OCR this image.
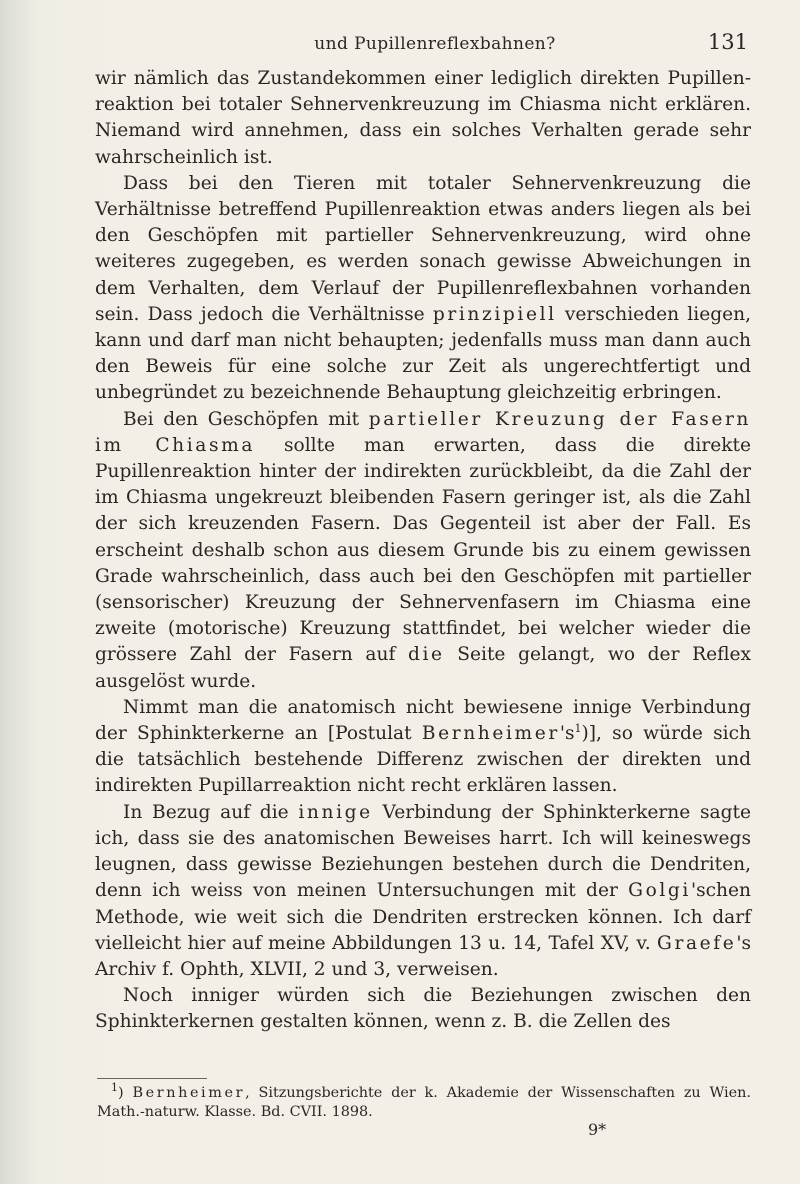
und Pupillenreflexbahnen?	131

wir nämlich das Zustandekommen einer lediglich direkten Pupillen-reaktion bei totaler Sehnervenkreuzung im Chiasma nicht erklären. Niemand wird annehmen, dass ein solches Verhalten gerade sehr wahrscheinlich ist.

Dass bei den Tieren mit totaler Sehnervenkreuzung die Verhältnisse betreffend Pupillenreaktion etwas anders liegen als bei den Geschöpfen mit partieller Sehnervenkreuzung, wird ohne weiteres zugegeben, es werden sonach gewisse Abweichungen in dem Verhalten, dem Verlauf der Pupillenreflexbahnen vorhanden sein. Dass jedoch die Verhältnisse prinzipiell verschieden liegen, kann und darf man nicht behaupten; jedenfalls muss man dann auch den Beweis für eine solche zur Zeit als ungerechtfertigt und unbegründet zu bezeichnende Behauptung gleichzeitig erbringen.

Bei den Geschöpfen mit partieller Kreuzung der Fasern im Chiasma sollte man erwarten, dass die direkte Pupillenreaktion hinter der indirekten zurückbleibt, da die Zahl der im Chiasma ungekreuzt bleibenden Fasern geringer ist, als die Zahl der sich kreuzenden Fasern. Das Gegenteil ist aber der Fall. Es erscheint deshalb schon aus diesem Grunde bis zu einem gewissen Grade wahrscheinlich, dass auch bei den Geschöpfen mit partieller (sensorischer) Kreuzung der Sehnervenfasern im Chiasma eine zweite (motorische) Kreuzung stattfindet, bei welcher wieder die grössere Zahl der Fasern auf die Seite gelangt, wo der Reflex ausgelöst wurde.

Nimmt man die anatomisch nicht bewiesene innige Verbindung der Sphinkterkerne an [Postulat $Bernheimer's^1$)], so würde sich die tatsächlich bestehende Differenz zwischen der direkten und indirekten Pupillarreaktion nicht recht erklären lassen.

In Bezug auf die innige Verbindung der Sphinkterkerne sagte ich, dass sie des anatomischen Beweises harrt. Ich will keineswegs leugnen, dass gewisse Beziehungen bestehen durch die Dendriten, denn ich weiss von meinen Untersuchungen mit der Golgi'schen Methode, wie weit sich die Dendriten erstrecken können. Ich darf vielleicht hier auf meine Abbildungen 13 u. 14, Tafel XV, v. Graefe's Archiv f. Ophth, XLVII, 2 und 3, verweisen.

Noch inniger würden sich die Beziehungen zwischen den Sphinkterkernen gestalten können, wenn z. B. die Zellen des

$^1$) Bernheimer, Sitzungsberichte der k. Akademie der Wissenschaften zu Wien. Math.-naturw. Klasse. Bd. CVII. 1898.

9*
